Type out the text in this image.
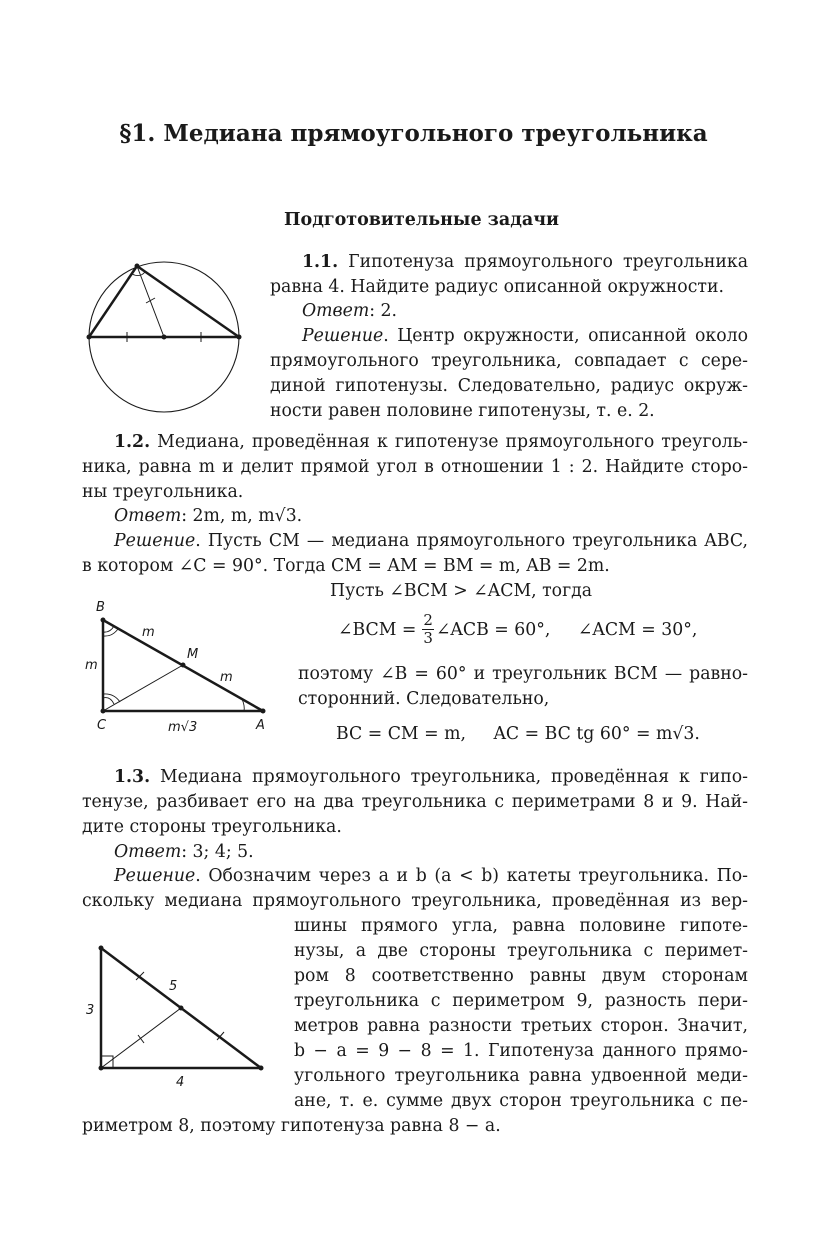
§1. Медиана прямоугольного треугольника
Подготовительные задачи
1.1. Гипотенуза прямоугольного треугольника
равна 4. Найдите радиус описанной окружности.
Ответ: 2.
Решение. Центр окружности, описанной около
прямоугольного треугольника, совпадает с сере-
диной гипотенузы. Следовательно, радиус окруж-
ности равен половине гипотенузы, т. е. 2.
1.2. Медиана, проведённая к гипотенузе прямоугольного треуголь-
ника, равна m и делит прямой угол в отношении 1 : 2. Найдите сторо-
ны треугольника.
Ответ: 2m, m, m√3.
Решение. Пусть CM — медиана прямоугольного треугольника ABC,
в котором ∠C = 90°. Тогда CM = AM = BM = m, AB = 2m.
Пусть ∠BCM > ∠ACM, тогда
∠BCM = $\frac{2}{3}$ ∠ACB = 60°,     ∠ACM = 30°,
поэтому ∠B = 60° и треугольник BCM — равно-
сторонний. Следовательно,
BC = CM = m,     AC = BC tg 60° = m√3.
B
M
C	A
m
m
m
m√3
1.3. Медиана прямоугольного треугольника, проведённая к гипо-
тенузе, разбивает его на два треугольника с периметрами 8 и 9. Най-
дите стороны треугольника.
Ответ: 3; 4; 5.
Решение. Обозначим через a и b (a < b) катеты треугольника. По-
скольку медиана прямоугольного треугольника, проведённая из вер-
шины прямого угла, равна половине гипоте-
нузы, а две стороны треугольника с перимет-
ром 8 соответственно равны двум сторонам
треугольника с периметром 9, разность пери-
метров равна разности третьих сторон. Значит,
b − a = 9 − 8 = 1. Гипотенуза данного прямо-
угольного треугольника равна удвоенной меди-
ане, т. е. сумме двух сторон треугольника с пе-
риметром 8, поэтому гипотенуза равна 8 − a.
3
5
4
